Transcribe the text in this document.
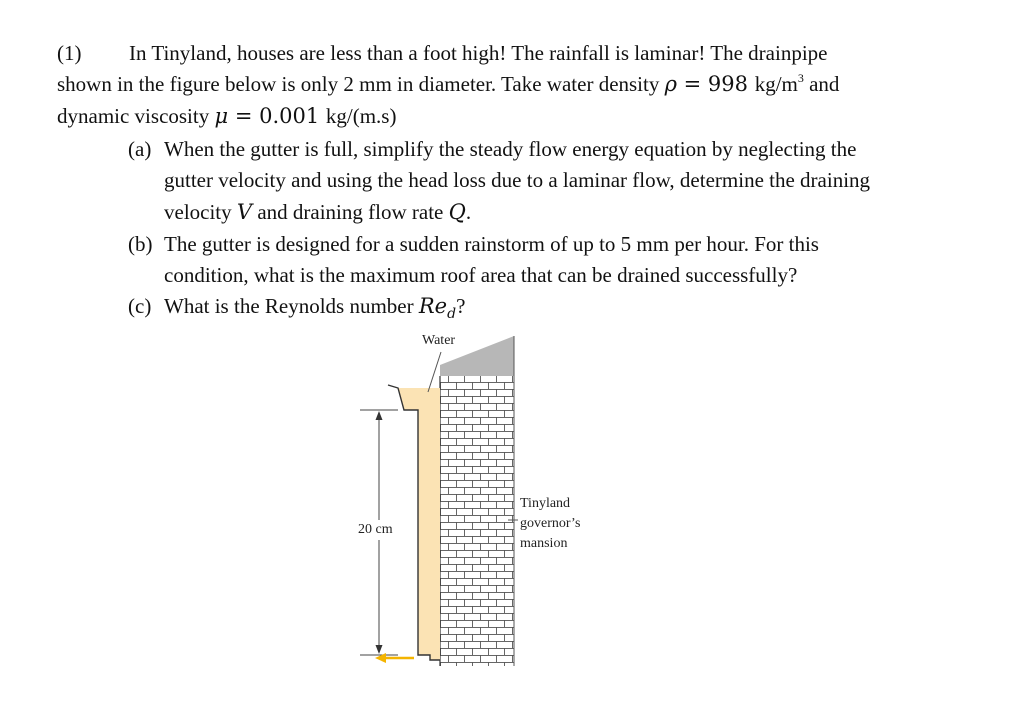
(1) In Tinyland, houses are less than a foot high! The rainfall is laminar! The drainpipe
shown in the figure below is only 2 mm in diameter. Take water density ρ = 998 $kg/m^3$ and
dynamic viscosity μ = 0.001 kg/(m.s)
(a) When the gutter is full, simplify the steady flow energy equation by neglecting the
gutter velocity and using the head loss due to a laminar flow, determine the draining
velocity V and draining flow rate Q.
(b) The gutter is designed for a sudden rainstorm of up to 5 mm per hour. For this
condition, what is the maximum roof area that can be drained successfully?
(c) What is the Reynolds number $Re_d$?
Water
20 cm
Tinyland
governor’s
mansion
